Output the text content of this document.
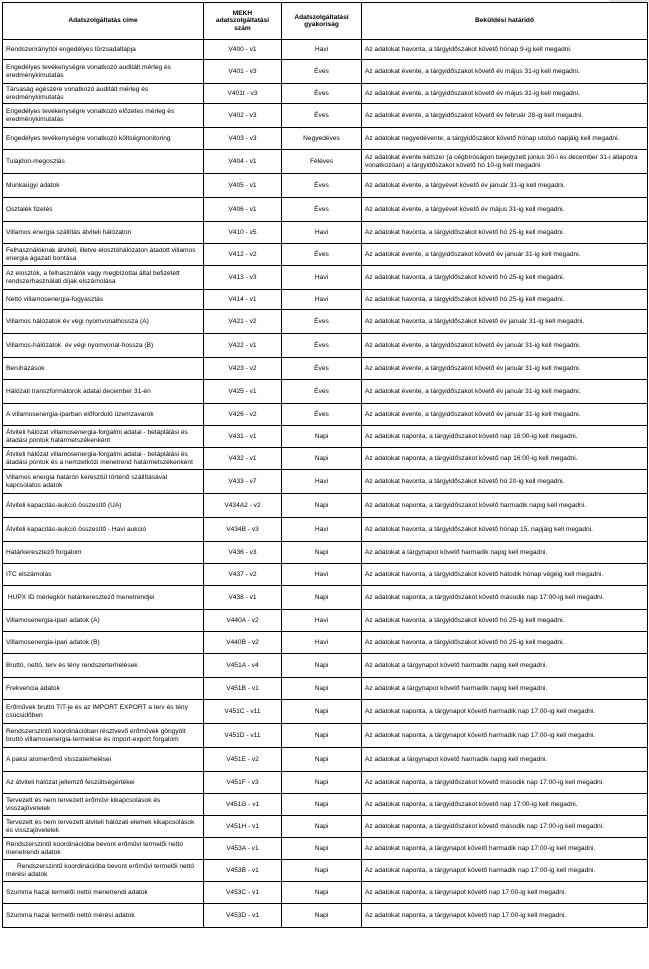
Adatszolgáltatás címe	MEKH adatszolgáltatási szám	Adatszolgáltatási gyakoriság	Beküldési határidő
Rendszerirányítói engedélyes törzsadatlapja	V400 - v1	Havi	Az adatokat havonta, a tárgyidőszakot követő hónap 9-ig kell megadni.
Engedélyes tevékenységre vonatkozó auditált mérleg és eredménykimutatás	V401 - v3	Éves	Az adatokat évente, a tárgyidőszakot követő év május 31-ig kell megadni.
Társaság egészére vonatkozó auditált mérleg és eredménykimutatás	V401t - v3	Éves	Az adatokat évente, a tárgyidőszakot követő év május 31-ig kell megadni.
Engedélyes tevékenységre vonatkozó előzetes mérleg és eredménykimutatás	V402 - v3	Éves	Az adatokat évente, a tárgyidőszakot követő év február 28-ig kell megadni.
Engedélyes tevékenységre vonatkozó költségmonitoring	V403 - v3	Negyedéves	Az adatokat negyedévente, a tárgyidőszakot követő hónap utolsó napjáig kell megadni.
Tulajdon-megoszlás	V404 - v1	Féléves	Az adatokat évente kétszer (a cégbíróságon bejegyzett június 30-i és december 31-i állapotra vonatkozóan) a tárgyidőszakot követő hó 10-ig kell megadni
Munkaügyi adatok	V405 - v1	Éves	Az adatokat évente, a tárgyévet követő év január 31-ig kell megadni.
Osztalék fizetés	V406 - v1	Éves	Az adatokat évente, a tárgyévet követő év május 31-ig kell megadni.
Villamos energia szállítás átviteli hálózaton	V410 - v5	Havi	Az adatokat havonta, a tárgyidőszakot követő hó 25-ig kell megadni.
Felhasználóknak átviteli, illetve elosztóhálózaton átadott villamos energia ágazati bontása	V412 - v2	Éves	Az adatokat évente, a tárgyidőszakot követő év január 31-ig kell megadni.
Az elosztók, a felhasználók vagy megbízottai által befizetett rendszerhasználati díjak elszámolása	V413 - v3	Havi	Az adatokat havonta, a tárgyidőszakot követő hó 25-ig kell megadni.
Nettó villamosenergia-fogyasztás	V414 - v1	Havi	Az adatokat havonta, a tárgyidőszakot követő hó 25-ig kell megadni.
Villamos hálózatok év végi nyomvonalhossza (A)	V421 - v2	Éves	Az adatokat havonta, a tárgyidőszakot követő év január 31-ig kell megadni.
Villamos-hálózatok  év végi nyomvonal-hossza (B)	V422 - v1	Éves	Az adatokat évente, a tárgyidőszakot követő év január 31-ig kell megadni.
Beruházások	V423 - v2	Éves	Az adatokat évente, a tárgyidőszakot követő év január 31-ig kell megadni.
Hálózati transzformátorok adatai december 31-én	V425 - v1	Éves	Az adatokat évente, a tárgyidőszakot követő év január 31-ig kell megadni.
A villamosenergia-iparban előforduló üzemzavarok	V426 - v2	Éves	Az adatokat évente, a tárgyidőszakot követő év január 31-ig kell megadni.
Átviteli hálózat villamosenergia-forgalmi adatai - betáplálási és átadási pontok határmetszékenként	V431 - v1	Napi	Az adatokat naponta, a tárgyidőszakot követő nap 16:00-ig kell megadni.
Átviteli hálózat villamosenergia-forgalmi adatai - betáplálási és átadási pontok és a nemzetközi menetrend határmetszékenként	V432 - v1	Napi	Az adatokat naponta, a tárgyidőszakot követő nap 16:00-ig kell megadni.
Villamos energia határon keresztül történő szállításával kapcsolatos adatok	V433 - v7	Havi	Az adatokat havonta, a tárgyidőszakot követő hó 20-ig kell megadni.
Átviteli kapacitás-aukció összesítő (UA)	V434A2 - v2	Napi	Az adatokat naponta, a tárgyidőszakot követő harmadik napig kell megadni.
Átviteli kapacitás-aukció összesítő - Havi aukció	V434B - v3	Havi	Az adatokat havonta, a tárgyidőszakot követő hónap 15. napjáig kell megadni.
Határkeresztező forgalom	V436 - v3	Napi	Az adatokat a tárgynapot követő harmadik napig kell megadni.
ITC elszámolás	V437 - v2	Havi	Az adatokat havonta, a tárgyidőszakot követő hatodik hónap végéig kell megadni.
HUPX ID mérlegkör határkeresztező menetrendjei	V438 - v1	Napi	Az adatokat naponta, a tárgyidőszakot követő második nap 17:00-ig kell megadni.
Villamosenergia-ipari adatok (A)	V440A - v2	Havi	Az adatokat havonta, a tárgyidőszakot követő hó 25-ig kell megadni.
Villamosenergia-ipari adatok (B)	V440B - v2	Havi	Az adatokat havonta, a tárgyidőszakot követő hó 25-ig kell megadni.
Bruttó, nettó, terv és tény rendszerterhelések	V451A - v4	Napi	Az adatokat a tárgynapot követő harmadik napig kell megadni.
Frekvencia adatok	V451B - v1	Napi	Az adatokat a tárgynapot követő harmadik napig kell megadni.
Erőművek bruttó TIT-je és az IMPORT EXPORT a terv és tény csúcsidőben	V451C - v11	Napi	Az adatokat naponta, a tárgynapot követő harmadik nap 17:00-ig kell megadni.
Rendszerszintű koordinációban résztvevő erőművek göngyölt bruttó villamosenergia-termelése és import-export forgalom	V451D - v11	Napi	Az adatokat naponta, a tárgynapot követő harmadik nap 17:00-ig kell megadni.
A paksi atomerőmű visszaterhelései	V451E - v2	Napi	Az adatokat a tárgynapot követő harmadik napig kell megadni.
Az átviteli hálózat jellemző feszültségértékei	V451F - v3	Napi	Az adatokat naponta, a tárgyidőszakot követő második nap 17:00-ig kell megadni.
Tervezett és nem tervezett erőművi kikapcsolások és visszajövetelek	V451G - v1	Napi	Az adatokat naponta, a tárgyidőszakot követő nap 17:00-ig kell megadni.
Tervezett és nem tervezett átviteli hálózati elemek kikapcsolások és visszajövetelek	V451H - v1	Napi	Az adatokat naponta, a tárgyidőszakot követő második nap 17:00-ig kell megadni.
Rendszerszintű koordinációba bevont erőművi termelői nettó menetrendi adatok	V453A - v1	Napi	Az adatokat naponta, a tárgynapot követő harmadik nap 17:00-ig kell megadni.
Rendszerszintű koordinációba bevont erőművi termelői nettó mérési adatok	V453B - v1	Napi	Az adatokat naponta, a tárgynapot követő harmadik nap 17:00-ig kell megadni.
Szumma hazai termelői nettó menetrendi adatok	V453C - v1	Napi	Az adatokat naponta, a tárgynapot követő nap 17:00-ig kell megadni.
Szumma hazai termelői nettó mérési adatok	V453D - v1	Napi	Az adatokat naponta, a tárgynapot követő nap 17:00-ig kell megadni.
